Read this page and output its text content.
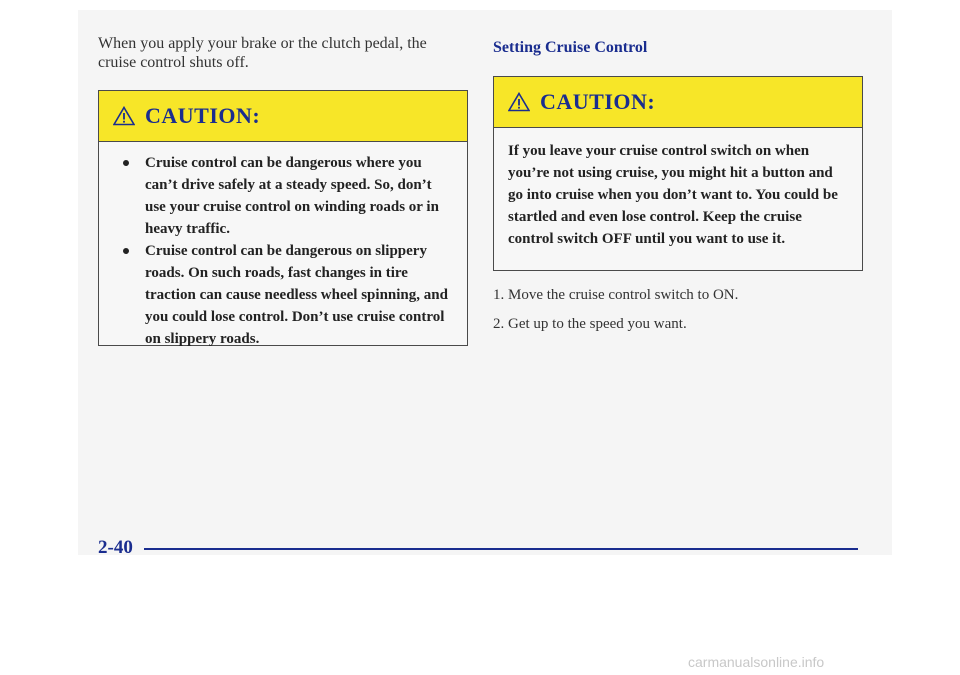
When you apply your brake or the clutch pedal, the cruise control shuts off.

CAUTION:
Cruise control can be dangerous where you can’t drive safely at a steady speed. So, don’t use your cruise control on winding roads or in heavy traffic.
Cruise control can be dangerous on slippery roads. On such roads, fast changes in tire traction can cause needless wheel spinning, and you could lose control. Don’t use cruise control on slippery roads.
Setting Cruise Control
CAUTION:

If you leave your cruise control switch on when you’re not using cruise, you might hit a button and go into cruise when you don’t want to. You could be startled and even lose control. Keep the cruise control switch OFF until you want to use it.

1. Move the cruise control switch to ON.
2. Get up to the speed you want.
2-40
carmanualsonline.info
